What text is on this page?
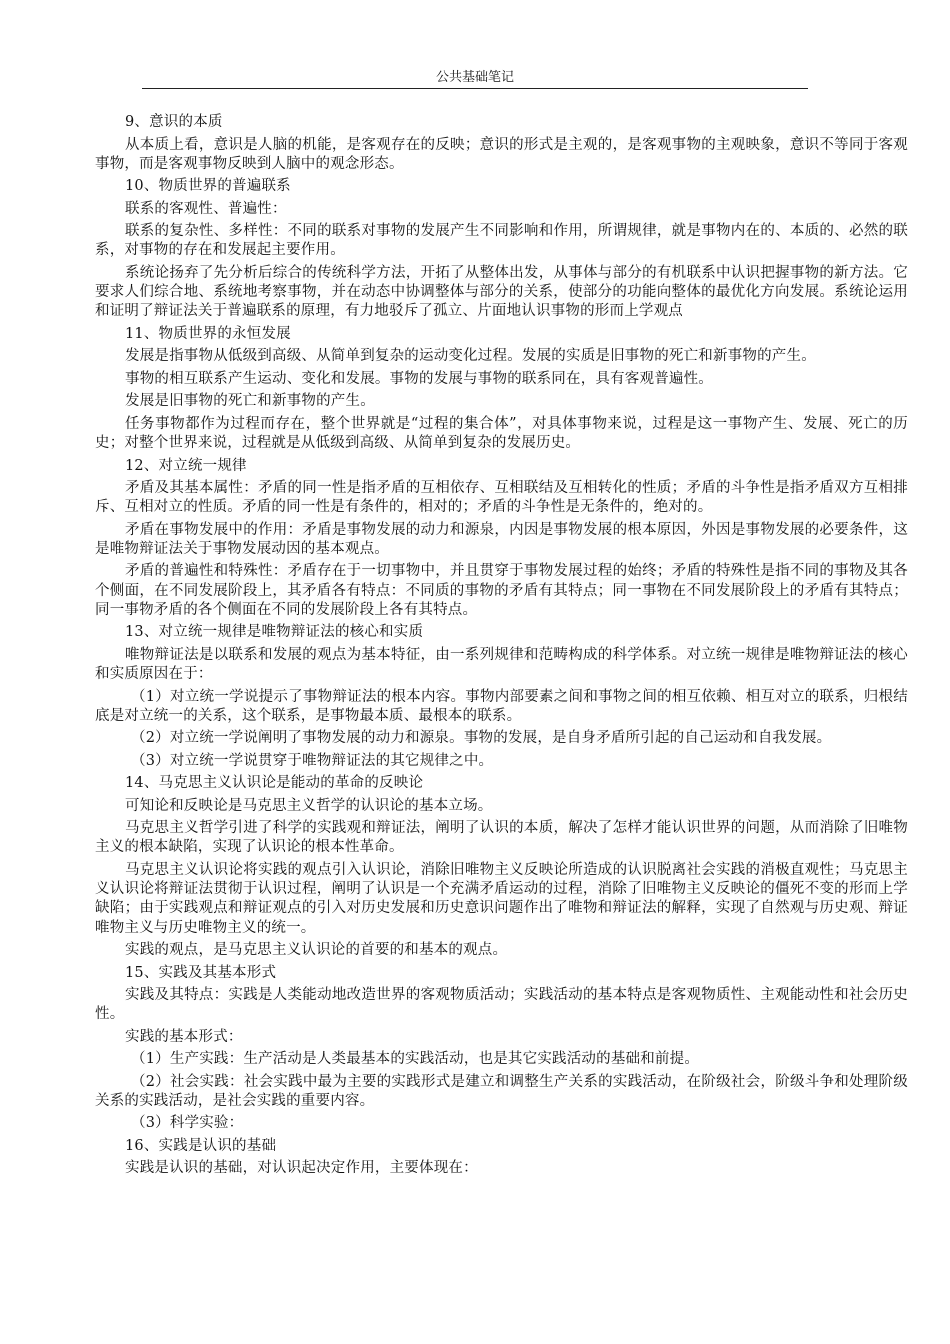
公共基础笔记

9、意识的本质

从本质上看，意识是人脑的机能，是客观存在的反映；意识的形式是主观的，是客观事物的主观映象，意识不等同于客观事物，而是客观事物反映到人脑中的观念形态。

10、物质世界的普遍联系

联系的客观性、普遍性：

联系的复杂性、多样性：不同的联系对事物的发展产生不同影响和作用，所谓规律，就是事物内在的、本质的、必然的联系，对事物的存在和发展起主要作用。

系统论扬弃了先分析后综合的传统科学方法，开拓了从整体出发，从事体与部分的有机联系中认识把握事物的新方法。它要求人们综合地、系统地考察事物，并在动态中协调整体与部分的关系，使部分的功能向整体的最优化方向发展。系统论运用和证明了辩证法关于普遍联系的原理，有力地驳斥了孤立、片面地认识事物的形而上学观点

11、物质世界的永恒发展

发展是指事物从低级到高级、从简单到复杂的运动变化过程。发展的实质是旧事物的死亡和新事物的产生。

事物的相互联系产生运动、变化和发展。事物的发展与事物的联系同在，具有客观普遍性。

发展是旧事物的死亡和新事物的产生。

任务事物都作为过程而存在，整个世界就是“过程的集合体”，对具体事物来说，过程是这一事物产生、发展、死亡的历史；对整个世界来说，过程就是从低级到高级、从简单到复杂的发展历史。

12、对立统一规律

矛盾及其基本属性：矛盾的同一性是指矛盾的互相依存、互相联结及互相转化的性质；矛盾的斗争性是指矛盾双方互相排斥、互相对立的性质。矛盾的同一性是有条件的，相对的；矛盾的斗争性是无条件的，绝对的。

矛盾在事物发展中的作用：矛盾是事物发展的动力和源泉，内因是事物发展的根本原因，外因是事物发展的必要条件，这是唯物辩证法关于事物发展动因的基本观点。

矛盾的普遍性和特殊性：矛盾存在于一切事物中，并且贯穿于事物发展过程的始终；矛盾的特殊性是指不同的事物及其各个侧面，在不同发展阶段上，其矛盾各有特点：不同质的事物的矛盾有其特点；同一事物在不同发展阶段上的矛盾有其特点；同一事物矛盾的各个侧面在不同的发展阶段上各有其特点。

13、对立统一规律是唯物辩证法的核心和实质

唯物辩证法是以联系和发展的观点为基本特征，由一系列规律和范畴构成的科学体系。对立统一规律是唯物辩证法的核心和实质原因在于：

（1）对立统一学说提示了事物辩证法的根本内容。事物内部要素之间和事物之间的相互依赖、相互对立的联系，归根结底是对立统一的关系，这个联系，是事物最本质、最根本的联系。

（2）对立统一学说阐明了事物发展的动力和源泉。事物的发展，是自身矛盾所引起的自己运动和自我发展。

（3）对立统一学说贯穿于唯物辩证法的其它规律之中。

14、马克思主义认识论是能动的革命的反映论

可知论和反映论是马克思主义哲学的认识论的基本立场。

马克思主义哲学引进了科学的实践观和辩证法，阐明了认识的本质，解决了怎样才能认识世界的问题，从而消除了旧唯物主义的根本缺陷，实现了认识论的根本性革命。

马克思主义认识论将实践的观点引入认识论，消除旧唯物主义反映论所造成的认识脱离社会实践的消极直观性；马克思主义认识论将辩证法贯彻于认识过程，阐明了认识是一个充满矛盾运动的过程，消除了旧唯物主义反映论的僵死不变的形而上学缺陷；由于实践观点和辩证观点的引入对历史发展和历史意识问题作出了唯物和辩证法的解释，实现了自然观与历史观、辩证唯物主义与历史唯物主义的统一。

实践的观点，是马克思主义认识论的首要的和基本的观点。

15、实践及其基本形式

实践及其特点：实践是人类能动地改造世界的客观物质活动；实践活动的基本特点是客观物质性、主观能动性和社会历史性。

实践的基本形式：

（1）生产实践：生产活动是人类最基本的实践活动，也是其它实践活动的基础和前提。

（2）社会实践：社会实践中最为主要的实践形式是建立和调整生产关系的实践活动，在阶级社会，阶级斗争和处理阶级关系的实践活动，是社会实践的重要内容。

（3）科学实验：

16、实践是认识的基础

实践是认识的基础，对认识起决定作用，主要体现在：
